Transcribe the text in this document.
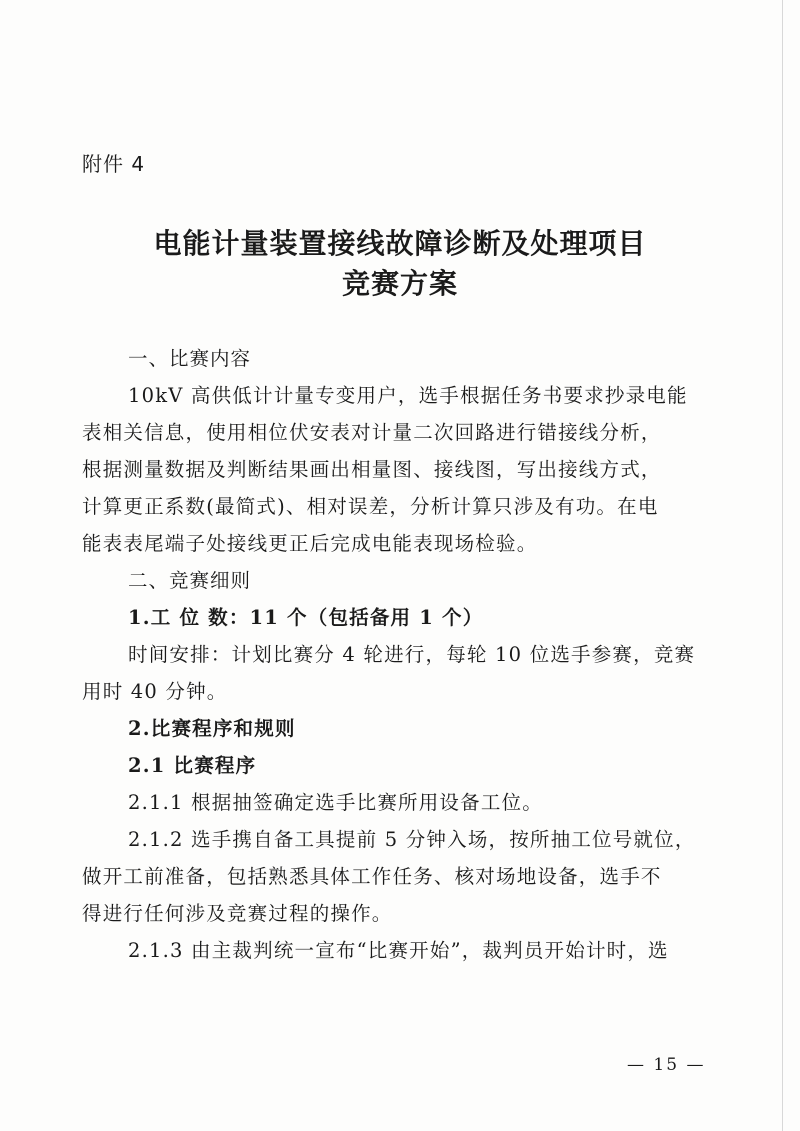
附件 4
电能计量装置接线故障诊断及处理项目
竞赛方案
一、比赛内容
10kV 高供低计计量专变用户，选手根据任务书要求抄录电能
表相关信息，使用相位伏安表对计量二次回路进行错接线分析，
根据测量数据及判断结果画出相量图、接线图，写出接线方式，
计算更正系数(最简式)、相对误差，分析计算只涉及有功。在电
能表表尾端子处接线更正后完成电能表现场检验。
二、竞赛细则
1.工 位 数：11 个（包括备用 1 个）
时间安排：计划比赛分 4 轮进行，每轮 10 位选手参赛，竞赛
用时 40 分钟。
2.比赛程序和规则
2.1 比赛程序
2.1.1 根据抽签确定选手比赛所用设备工位。
2.1.2 选手携自备工具提前 5 分钟入场，按所抽工位号就位，
做开工前准备，包括熟悉具体工作任务、核对场地设备，选手不
得进行任何涉及竞赛过程的操作。
2.1.3 由主裁判统一宣布“比赛开始”，裁判员开始计时，选
— 15 —
